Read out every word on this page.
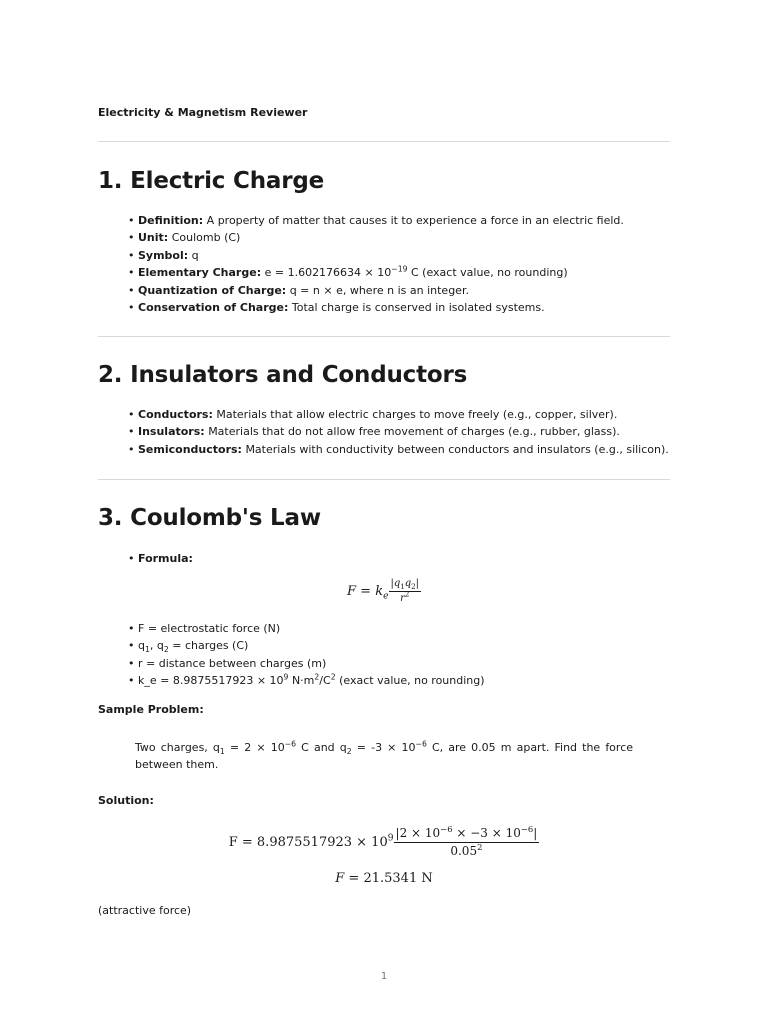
Electricity & Magnetism Reviewer
1. Electric Charge
• Definition: A property of matter that causes it to experience a force in an electric field.
• Unit: Coulomb (C)
• Symbol: q
• Elementary Charge: $e = 1.602176634 \times 10^{-19}$ C (exact value, no rounding)
• Quantization of Charge: q = n × e, where n is an integer.
• Conservation of Charge: Total charge is conserved in isolated systems.
2. Insulators and Conductors
• Conductors: Materials that allow electric charges to move freely (e.g., copper, silver).
• Insulators: Materials that do not allow free movement of charges (e.g., rubber, glass).
• Semiconductors: Materials with conductivity between conductors and insulators (e.g., silicon).
3. Coulomb's Law
• Formula:
$F = k_e \frac{|q_1q_2|}{r^2}$
• F = electrostatic force (N)
• $q_1$, $q_2$ = charges (C)
• r = distance between charges (m)
• k_e = $8.9875517923 \times 10^9$ $N\cdot m^2/C^2$ (exact value, no rounding)
Sample Problem:
Two charges, $q_1 = 2 \times 10^{-6}$ C and $q_2 = -3 \times 10^{-6}$ C, are 0.05 m apart. Find the force between them.
Solution:
$F = 8.9875517923 \times 10^9 \frac{|2 \times 10^{-6} \times -3 \times 10^{-6}|}{0.05^2}$
F = 21.5341 N
(attractive force)
1
